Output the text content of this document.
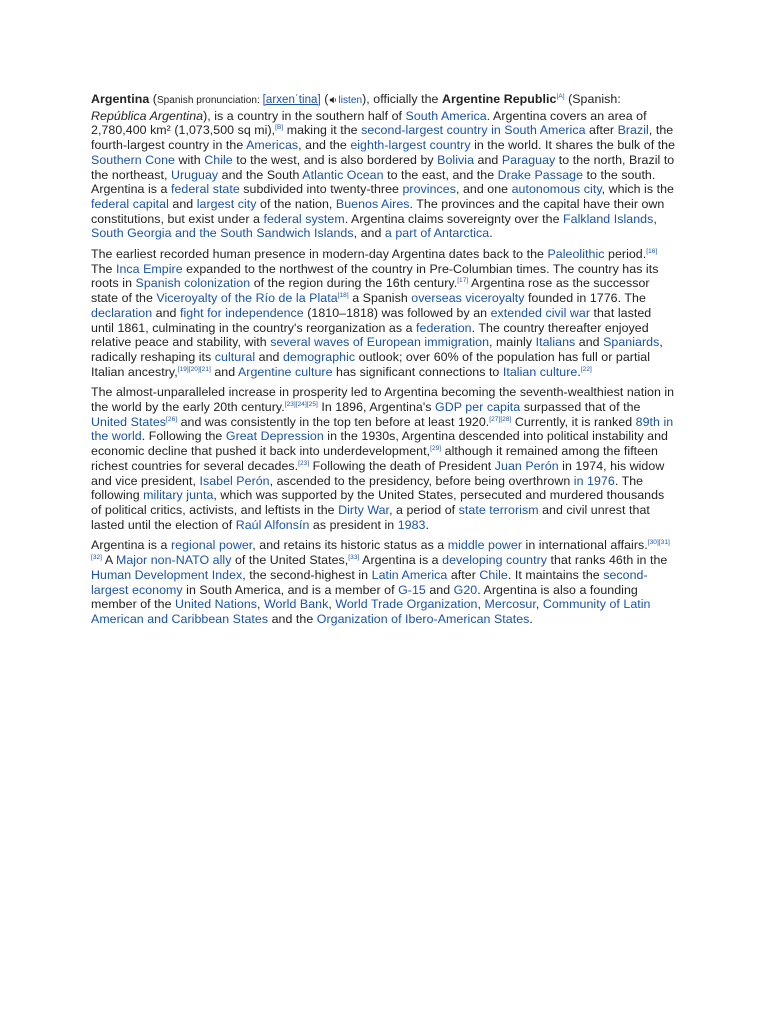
Argentina (Spanish pronunciation: [arxenˈtina] ( listen), officially the Argentine Republic[A] (Spanish: República Argentina), is a country in the southern half of South America. Argentina covers an area of 2,780,400 km² (1,073,500 sq mi),[B] making it the second-largest country in South America after Brazil, the fourth-largest country in the Americas, and the eighth-largest country in the world. It shares the bulk of the Southern Cone with Chile to the west, and is also bordered by Bolivia and Paraguay to the north, Brazil to the northeast, Uruguay and the South Atlantic Ocean to the east, and the Drake Passage to the south. Argentina is a federal state subdivided into twenty-three provinces, and one autonomous city, which is the federal capital and largest city of the nation, Buenos Aires. The provinces and the capital have their own constitutions, but exist under a federal system. Argentina claims sovereignty over the Falkland Islands, South Georgia and the South Sandwich Islands, and a part of Antarctica.

The earliest recorded human presence in modern-day Argentina dates back to the Paleolithic period.[16] The Inca Empire expanded to the northwest of the country in Pre-Columbian times. The country has its roots in Spanish colonization of the region during the 16th century.[17] Argentina rose as the successor state of the Viceroyalty of the Río de la Plata[18] a Spanish overseas viceroyalty founded in 1776. The declaration and fight for independence (1810–1818) was followed by an extended civil war that lasted until 1861, culminating in the country's reorganization as a federation. The country thereafter enjoyed relative peace and stability, with several waves of European immigration, mainly Italians and Spaniards, radically reshaping its cultural and demographic outlook; over 60% of the population has full or partial Italian ancestry,[19][20][21] and Argentine culture has significant connections to Italian culture.[22]

The almost-unparalleled increase in prosperity led to Argentina becoming the seventh-wealthiest nation in the world by the early 20th century.[23][24][25] In 1896, Argentina's GDP per capita surpassed that of the United States[26] and was consistently in the top ten before at least 1920.[27][28] Currently, it is ranked 89th in the world. Following the Great Depression in the 1930s, Argentina descended into political instability and economic decline that pushed it back into underdevelopment,[29] although it remained among the fifteen richest countries for several decades.[23] Following the death of President Juan Perón in 1974, his widow and vice president, Isabel Perón, ascended to the presidency, before being overthrown in 1976. The following military junta, which was supported by the United States, persecuted and murdered thousands of political critics, activists, and leftists in the Dirty War, a period of state terrorism and civil unrest that lasted until the election of Raúl Alfonsín as president in 1983.

Argentina is a regional power, and retains its historic status as a middle power in international affairs.[30][31][32] A Major non-NATO ally of the United States,[33] Argentina is a developing country that ranks 46th in the Human Development Index, the second-highest in Latin America after Chile. It maintains the second-largest economy in South America, and is a member of G-15 and G20. Argentina is also a founding member of the United Nations, World Bank, World Trade Organization, Mercosur, Community of Latin American and Caribbean States and the Organization of Ibero-American States.
